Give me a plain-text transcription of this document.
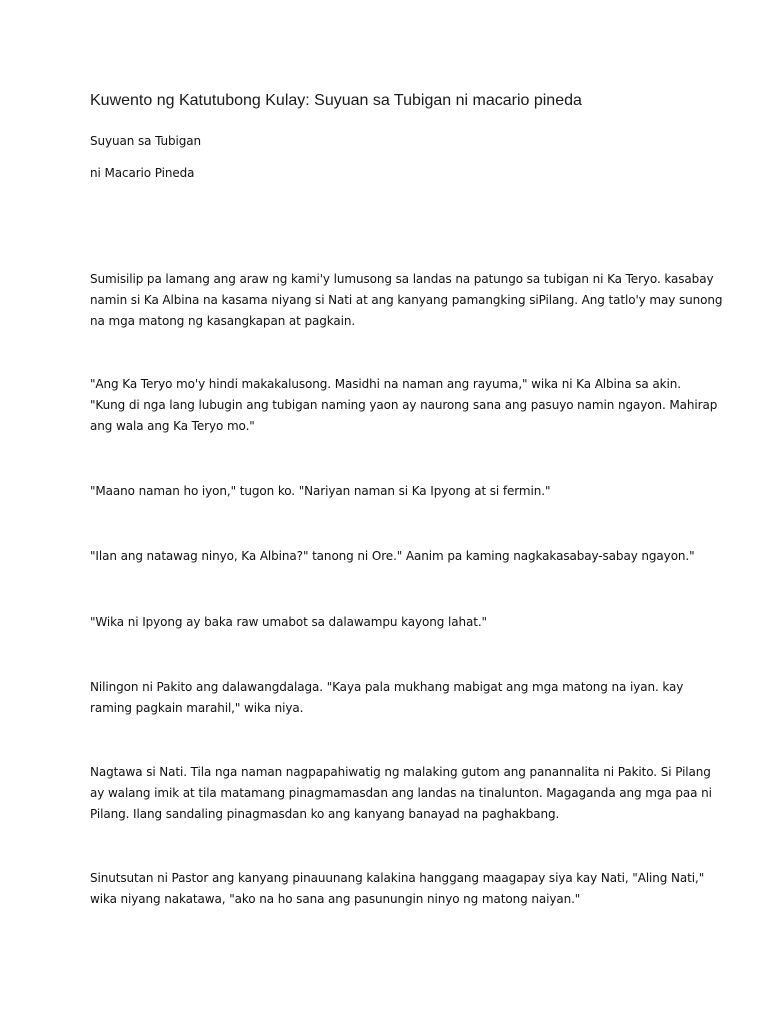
Kuwento ng Katutubong Kulay: Suyuan sa Tubigan ni macario pineda
Suyuan sa Tubigan
ni Macario Pineda
Sumisilip pa lamang ang araw ng kami'y lumusong sa landas na patungo sa tubigan ni Ka Teryo. kasabay
namin si Ka Albina na kasama niyang si Nati at ang kanyang pamangking siPilang. Ang tatlo'y may sunong
na mga matong ng kasangkapan at pagkain.
"Ang Ka Teryo mo'y hindi makakalusong. Masidhi na naman ang rayuma," wika ni Ka Albina sa akin.
"Kung di nga lang lubugin ang tubigan naming yaon ay naurong sana ang pasuyo namin ngayon. Mahirap
ang wala ang Ka Teryo mo."
"Maano naman ho iyon," tugon ko. "Nariyan naman si Ka Ipyong at si fermin."
"Ilan ang natawag ninyo, Ka Albina?" tanong ni Ore." Aanim pa kaming nagkakasabay-sabay ngayon."
"Wika ni Ipyong ay baka raw umabot sa dalawampu kayong lahat."
Nilingon ni Pakito ang dalawangdalaga. "Kaya pala mukhang mabigat ang mga matong na iyan. kay
raming pagkain marahil," wika niya.
Nagtawa si Nati. Tila nga naman nagpapahiwatig ng malaking gutom ang panannalita ni Pakito. Si Pilang
ay walang imik at tila matamang pinagmamasdan ang landas na tinalunton. Magaganda ang mga paa ni
Pilang. Ilang sandaling pinagmasdan ko ang kanyang banayad na paghakbang.
Sinutsutan ni Pastor ang kanyang pinauunang kalakina hanggang maagapay siya kay Nati, "Aling Nati,"
wika niyang nakatawa, "ako na ho sana ang pasunungin ninyo ng matong naiyan."
